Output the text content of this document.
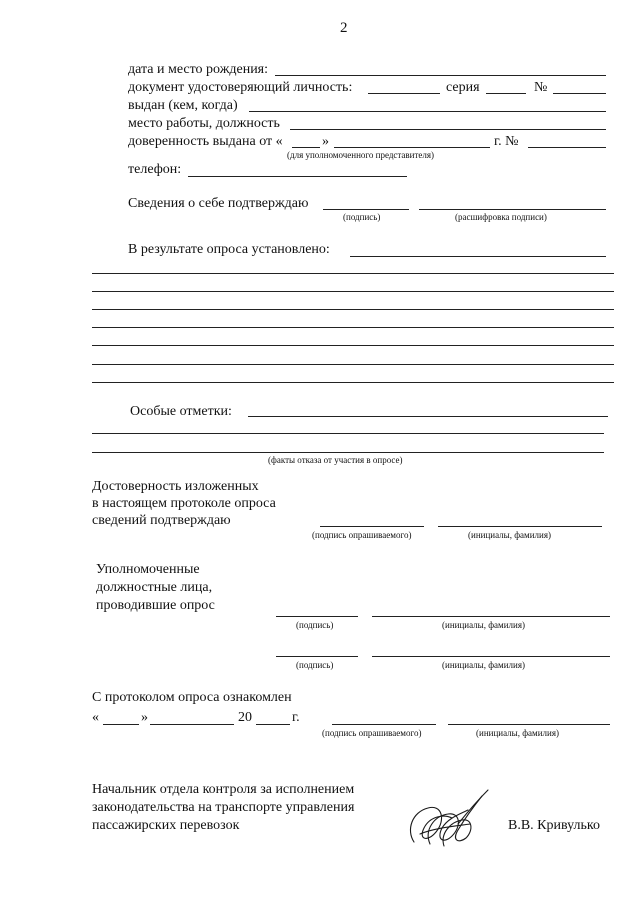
2
дата и место рождения:
документ удостоверяющий личность:	серия	№
выдан (кем, когда)
место работы, должность
доверенность выдана от «	»	г. №
(для уполномоченного представителя)
телефон:
Сведения о себе подтверждаю
(подпись)	(расшифровка подписи)
В результате опроса установлено:
Особые отметки:
(факты отказа от участия в опросе)
Достоверность изложенных
в настоящем протоколе опроса
сведений подтверждаю
(подпись опрашиваемого)	(инициалы, фамилия)
Уполномоченные
должностные лица,
проводившие опрос
(подпись)	(инициалы, фамилия)
(подпись)	(инициалы, фамилия)
С протоколом опроса ознакомлен
«	»	20	г.
(подпись опрашиваемого)	(инициалы, фамилия)
Начальник отдела контроля за исполнением
законодательства на транспорте управления
пассажирских перевозок	В.В. Кривулько
